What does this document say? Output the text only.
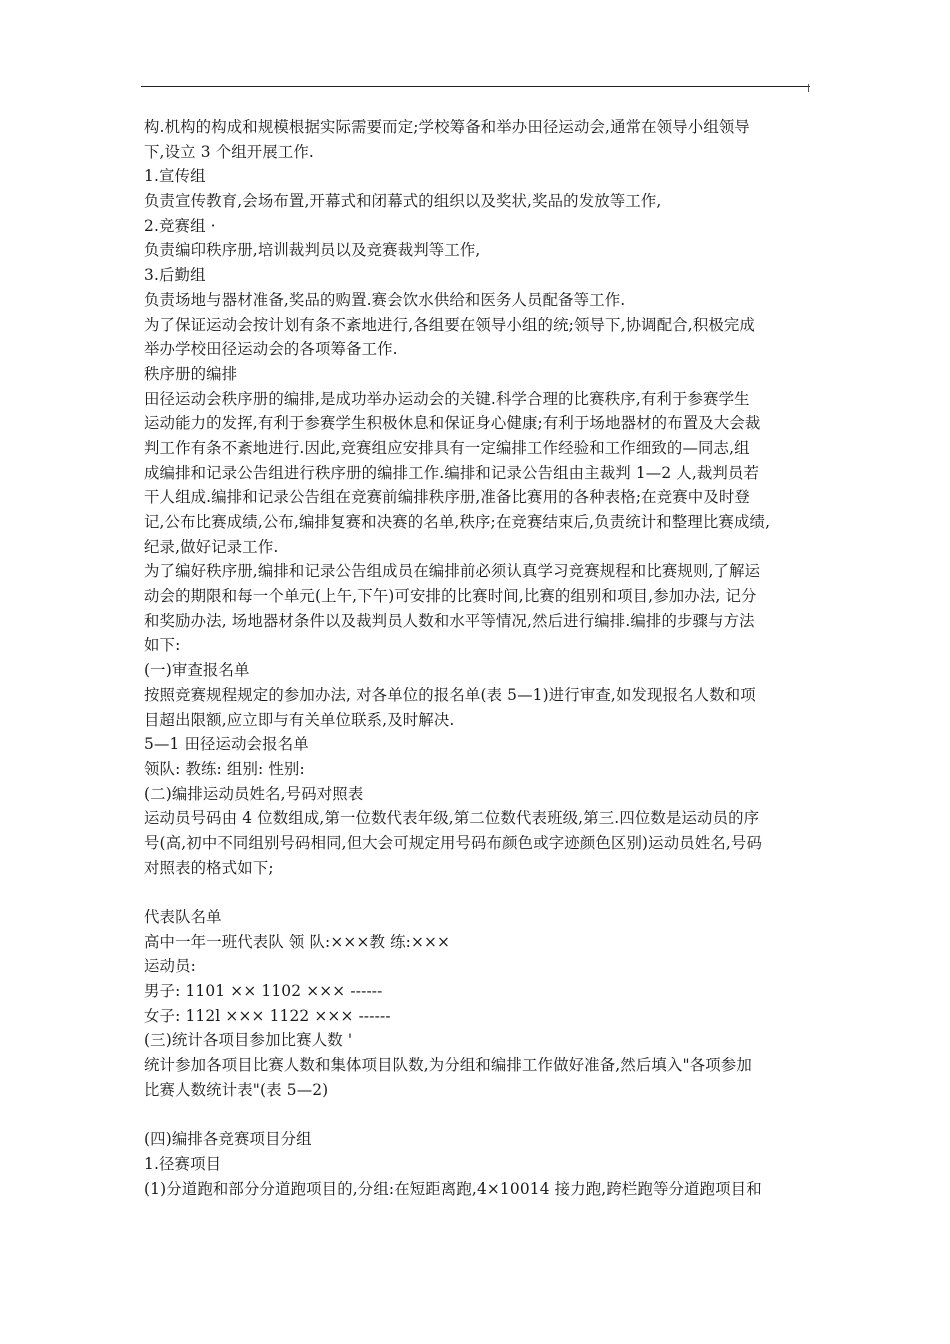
构.机构的构成和规模根据实际需要而定;学校筹备和举办田径运动会,通常在领导小组领导
下,设立 3 个组开展工作.
1.宣传组
负责宣传教育,会场布置,开幕式和闭幕式的组织以及奖状,奖品的发放等工作,
2.竞赛组 ·
负责编印秩序册,培训裁判员以及竞赛裁判等工作,
3.后勤组
负责场地与器材准备,奖品的购置.赛会饮水供给和医务人员配备等工作.
为了保证运动会按计划有条不紊地进行,各组要在领导小组的统;领导下,协调配合,积极完成
举办学校田径运动会的各项筹备工作.
秩序册的编排
田径运动会秩序册的编排,是成功举办运动会的关键.科学合理的比赛秩序,有利于参赛学生
运动能力的发挥,有利于参赛学生积极休息和保证身心健康;有利于场地器材的布置及大会裁
判工作有条不紊地进行.因此,竞赛组应安排具有一定编排工作经验和工作细致的—同志,组
成编排和记录公告组进行秩序册的编排工作.编排和记录公告组由主裁判 1—2 人,裁判员若
干人组成.编排和记录公告组在竞赛前编排秩序册,准备比赛用的各种表格;在竞赛中及时登
记,公布比赛成绩,公布,编排复赛和决赛的名单,秩序;在竞赛结束后,负责统计和整理比赛成绩,
纪录,做好记录工作.
为了编好秩序册,编排和记录公告组成员在编排前必须认真学习竞赛规程和比赛规则,了解运
动会的期限和每一个单元(上午,下午)可安排的比赛时间,比赛的组别和项目,参加办法, 记分
和奖励办法, 场地器材条件以及裁判员人数和水平等情况,然后进行编排.编排的步骤与方法
如下:
(一)审查报名单
按照竞赛规程规定的参加办法, 对各单位的报名单(表 5—1)进行审查,如发现报名人数和项
目超出限额,应立即与有关单位联系,及时解决.
5—1 田径运动会报名单
领队: 教练: 组别: 性别:
(二)编排运动员姓名,号码对照表
运动员号码由 4 位数组成,第一位数代表年级,第二位数代表班级,第三.四位数是运动员的序
号(高,初中不同组别号码相同,但大会可规定用号码布颜色或字迹颜色区别)运动员姓名,号码
对照表的格式如下;
代表队名单
高中一年一班代表队 领 队:×××教 练:×××
运动员:
男子: 1101 ×× 1102 ××× ------
女子: 112l ××× 1122 ××× ------
(三)统计各项目参加比赛人数 '
统计参加各项目比赛人数和集体项目队数,为分组和编排工作做好准备,然后填入"各项参加
比赛人数统计表"(表 5—2)
(四)编排各竞赛项目分组
1.径赛项目
(1)分道跑和部分分道跑项目的,分组:在短距离跑,4×10014 接力跑,跨栏跑等分道跑项目和
